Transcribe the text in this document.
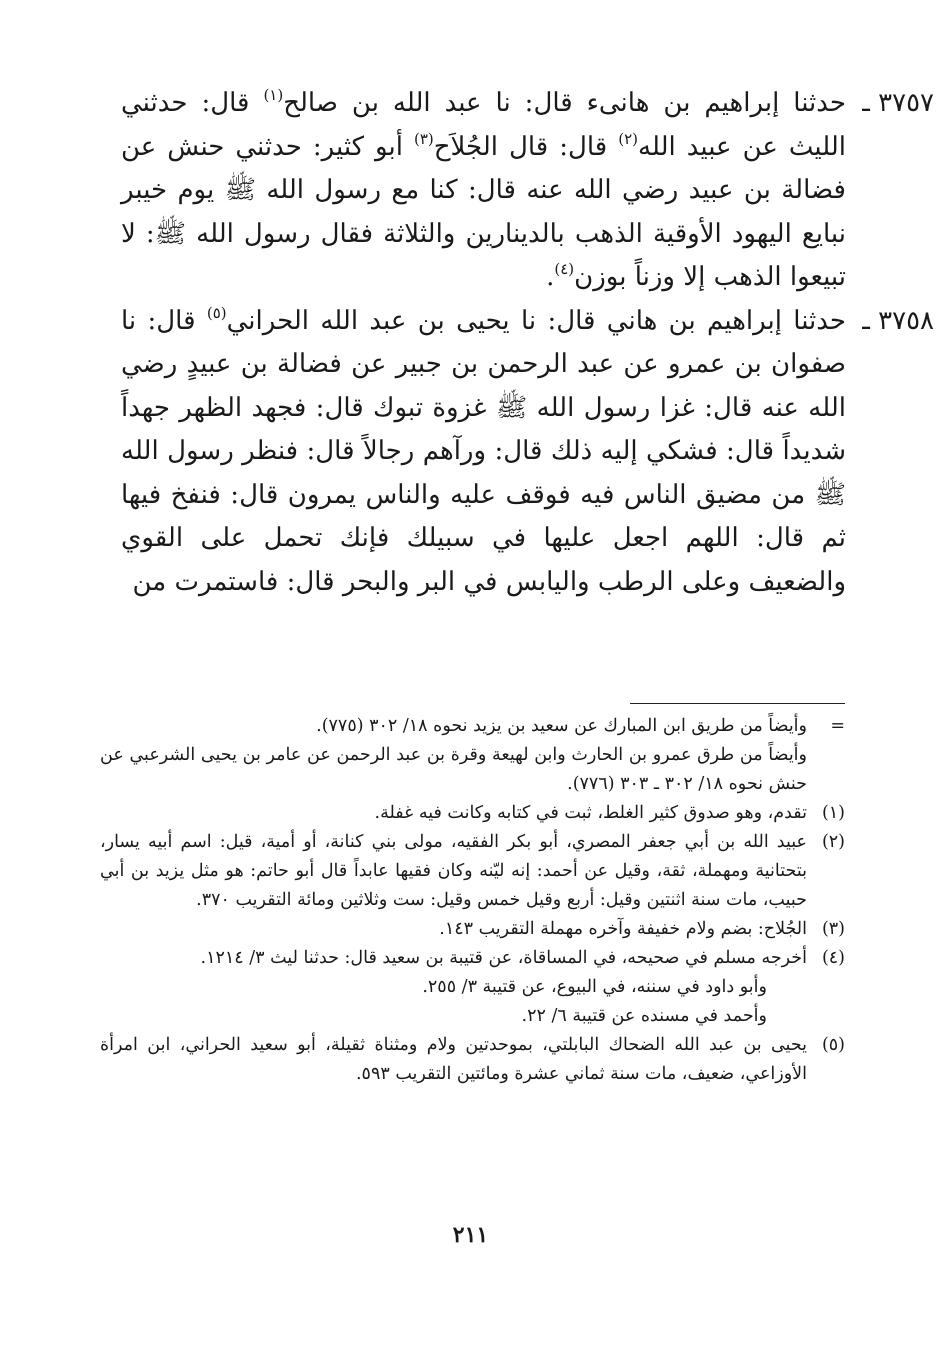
٣٧٥٧ ـ

حدثنا إبراهيم بن هانىء قال: نا عبد الله بن صالح$^{(١)}$ قال: حدثني الليث عن عبيد الله$^{(٢)}$ قال: قال الجُلاَح$^{(٣)}$ أبو كثير: حدثني حنش عن فضالة بن عبيد رضي الله عنه قال: كنا مع رسول الله ﷺ يوم خيبر نبايع اليهود الأوقية الذهب بالدينارين والثلاثة فقال رسول الله ﷺ: لا تبيعوا الذهب إلا وزناً بوزن$^{(٤)}$.

٣٧٥٨ ـ

حدثنا إبراهيم بن هاني قال: نا يحيى بن عبد الله الحراني$^{(٥)}$ قال: نا صفوان بن عمرو عن عبد الرحمن بن جبير عن فضالة بن عبيدٍ رضي الله عنه قال: غزا رسول الله ﷺ غزوة تبوك قال: فجهد الظهر جهداً شديداً قال: فشكي إليه ذلك قال: ورآهم رجالاً قال: فنظر رسول الله ﷺ من مضيق الناس فيه فوقف عليه والناس يمرون قال: فنفخ فيها ثم قال: اللهم اجعل عليها في سبيلك فإنك تحمل على القوي والضعيف وعلى الرطب واليابس في البر والبحر قال: فاستمرت من

=

وأيضاً من طريق ابن المبارك عن سعيد بن يزيد نحوه ١٨/ ٣٠٢ (٧٧٥).

وأيضاً من طرق عمرو بن الحارث وابن لهيعة وقرة بن عبد الرحمن عن عامر بن يحيى الشرعبي عن حنش نحوه ١٨/ ٣٠٢ ـ ٣٠٣ (٧٧٦).

(١)

تقدم، وهو صدوق كثير الغلط، ثبت في كتابه وكانت فيه غفلة.

(٢)

عبيد الله بن أبي جعفر المصري، أبو بكر الفقيه، مولى بني كنانة، أو أمية، قيل: اسم أبيه يسار، بتحتانية ومهملة، ثقة، وقيل عن أحمد: إنه ليّنه وكان فقيها عابداً قال أبو حاتم: هو مثل يزيد بن أبي حبيب، مات سنة اثنتين وقيل: أربع وقيل خمس وقيل: ست وثلاثين ومائة التقريب ٣٧٠.

(٣)

الجُلاح: بضم ولام خفيفة وآخره مهملة التقريب ١٤٣.

(٤)

أخرجه مسلم في صحيحه، في المساقاة، عن قتيبة بن سعيد قال: حدثنا ليث ٣/ ١٢١٤.

وأبو داود في سننه، في البيوع، عن قتيبة ٣/ ٢٥٥.

وأحمد في مسنده عن قتيبة ٦/ ٢٢.

(٥)

يحيى بن عبد الله الضحاك البابلتي، بموحدتين ولام ومثناة ثقيلة، أبو سعيد الحراني، ابن امرأة الأوزاعي، ضعيف، مات سنة ثماني عشرة ومائتين التقريب ٥٩٣.

٢١١
